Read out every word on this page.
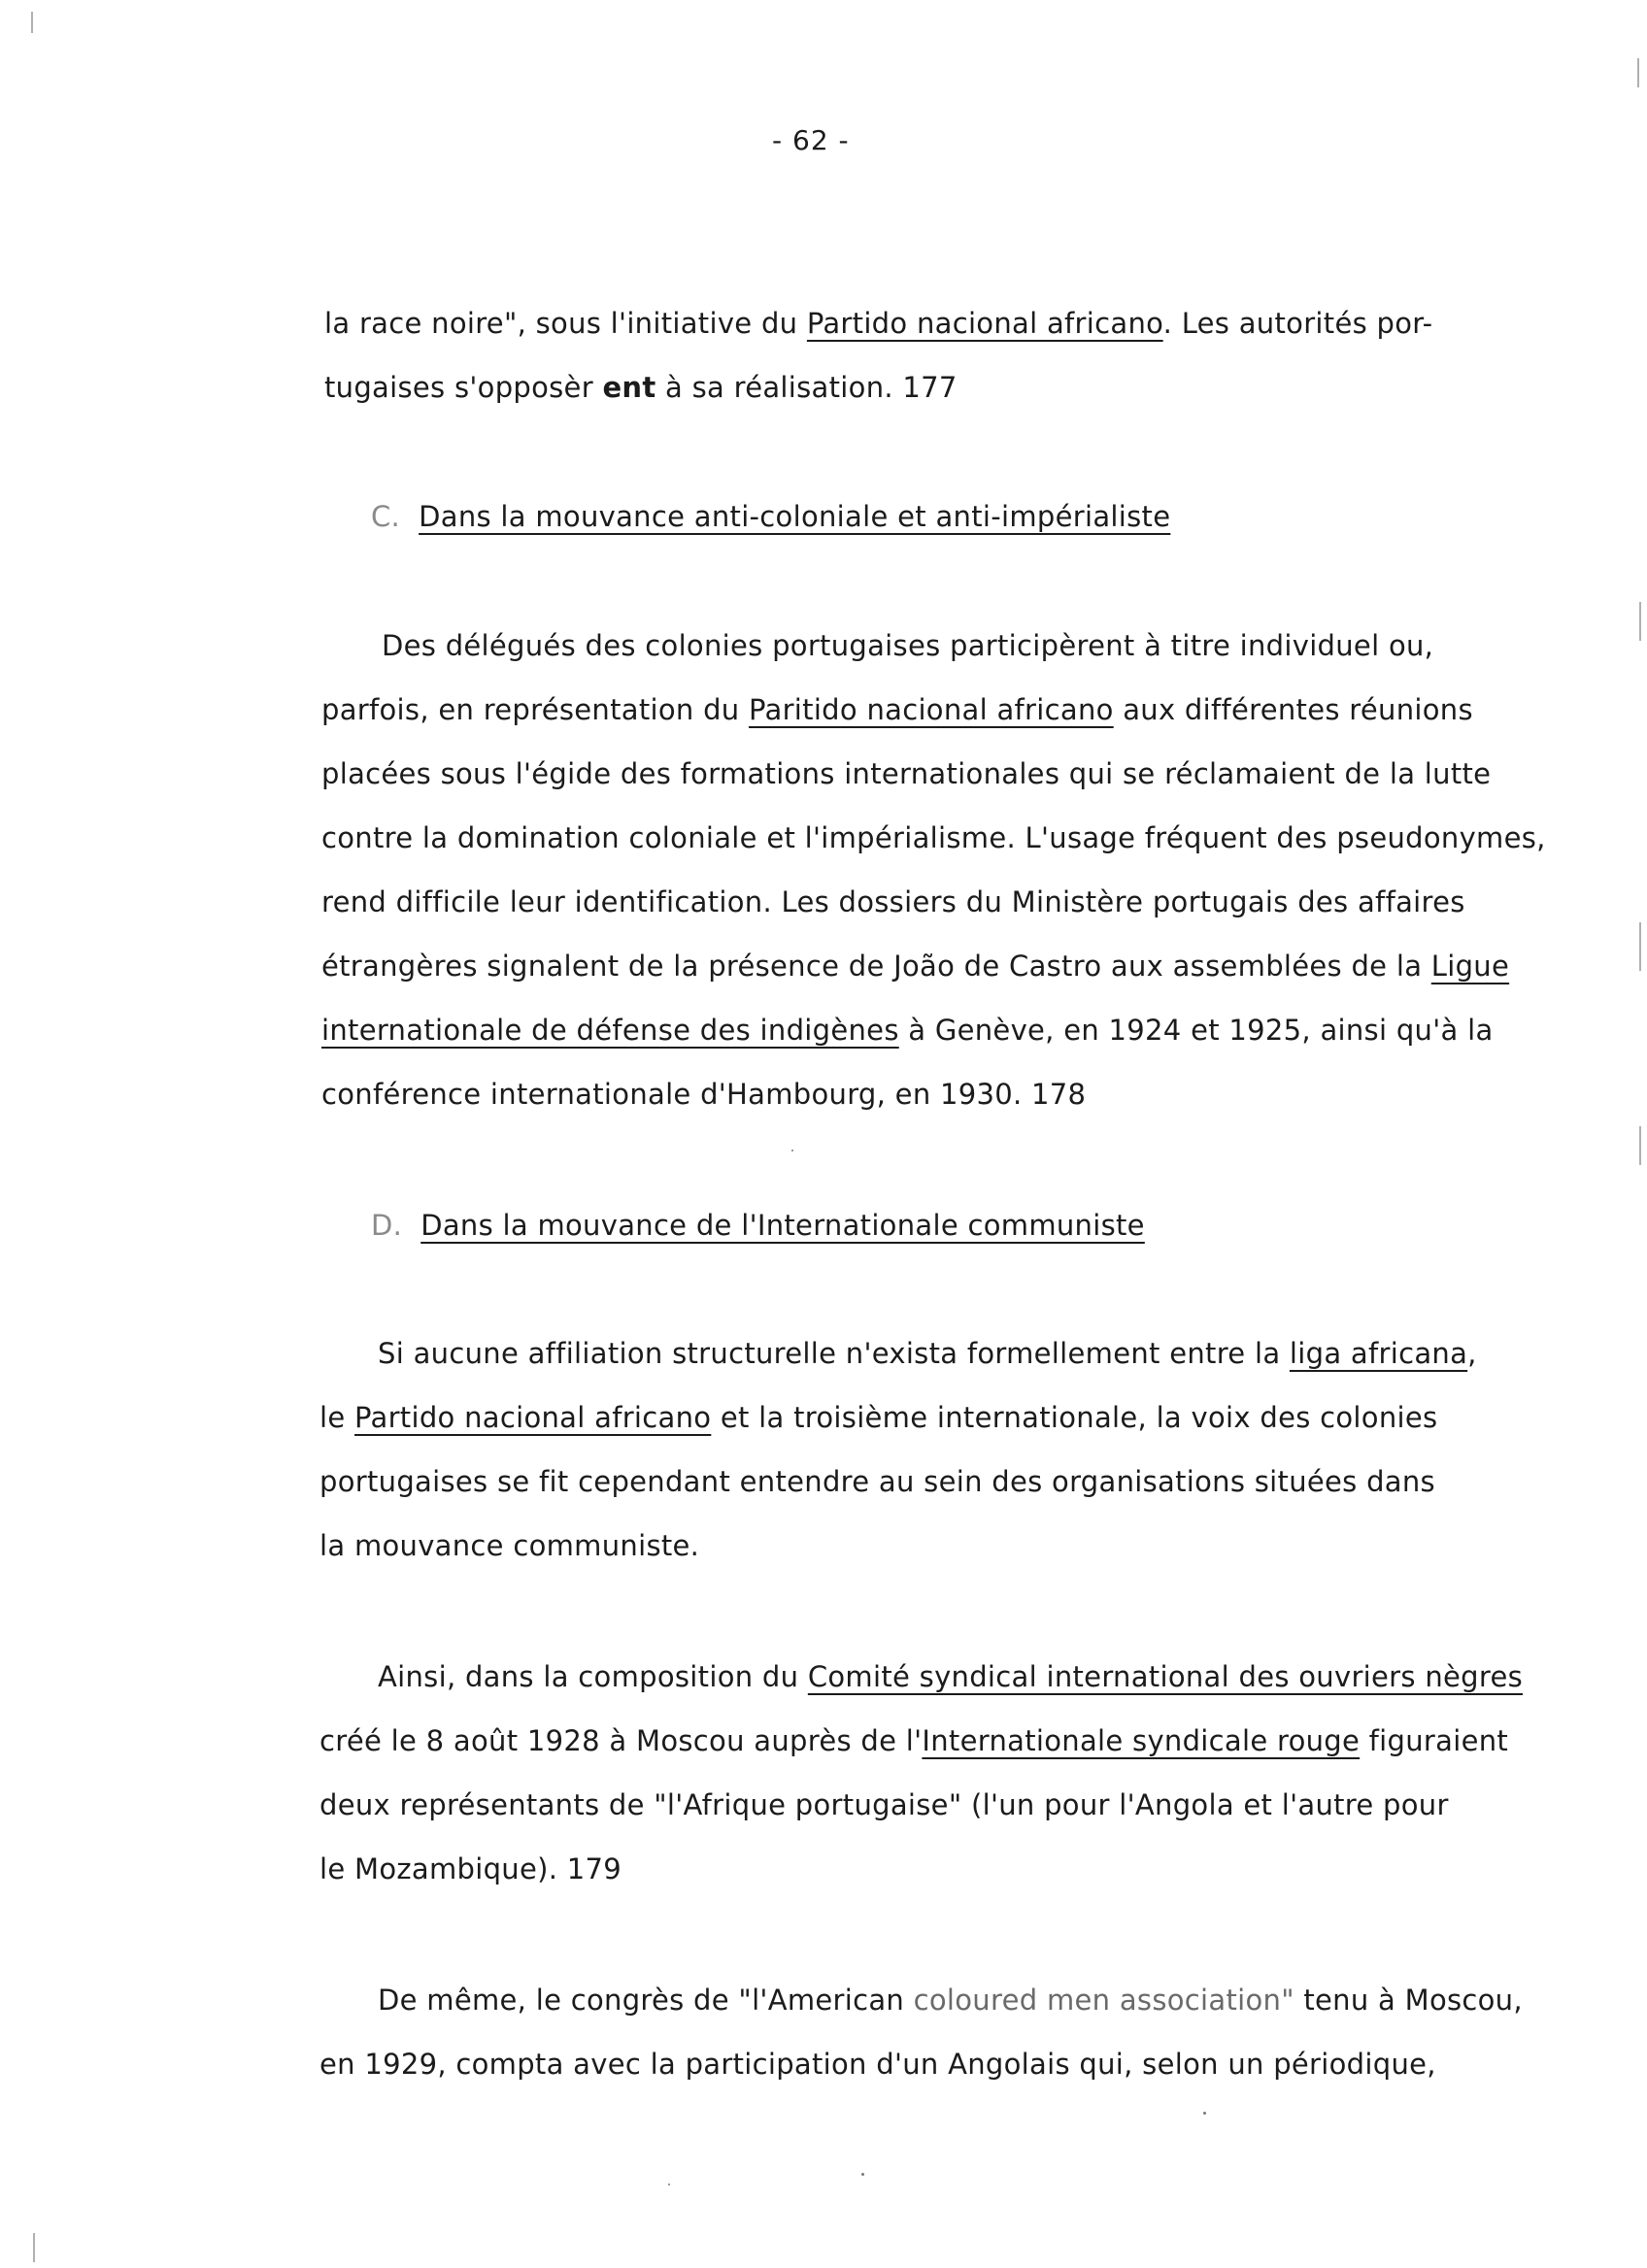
- 62 -
la race noire", sous l'initiative du Partido nacional africano. Les autorités por-
tugaises s'opposèr ent à sa réalisation. 177
C. Dans la mouvance anti-coloniale et anti-impérialiste
Des délégués des colonies portugaises participèrent à titre individuel ou,
parfois, en représentation du Paritido nacional africano aux différentes réunions
placées sous l'égide des formations internationales qui se réclamaient de la lutte
contre la domination coloniale et l'impérialisme. L'usage fréquent des pseudonymes,
rend difficile leur identification. Les dossiers du Ministère portugais des affaires
étrangères signalent de la présence de João de Castro aux assemblées de la Ligue
internationale de défense des indigènes à Genève, en 1924 et 1925, ainsi qu'à la
conférence internationale d'Hambourg, en 1930. 178
D. Dans la mouvance de l'Internationale communiste
Si aucune affiliation structurelle n'exista formellement entre la liga africana,
le Partido nacional africano et la troisième internationale, la voix des colonies
portugaises se fit cependant entendre au sein des organisations situées dans
la mouvance communiste.
Ainsi, dans la composition du Comité syndical international des ouvriers nègres
créé le 8 août 1928 à Moscou auprès de l'Internationale syndicale rouge figuraient
deux représentants de "l'Afrique portugaise" (l'un pour l'Angola et l'autre pour
le Mozambique). 179
De même, le congrès de "l'American coloured men association" tenu à Moscou,
en 1929, compta avec la participation d'un Angolais qui, selon un périodique,
